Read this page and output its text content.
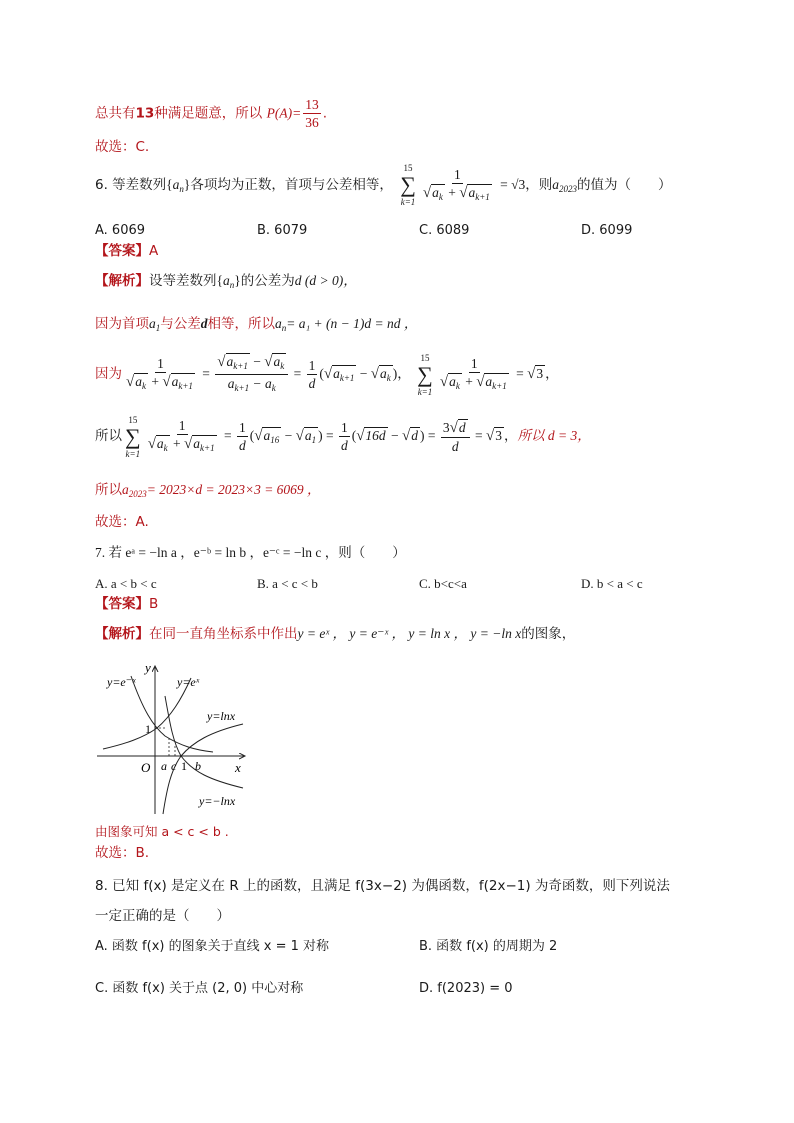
总共有13种满足题意，所以 $P(A)= \frac{13}{36}$ .
故选：C.
6. 等差数列$\{a_n\}$各项均为正数，首项与公差相等，
15
∑
$k=1 \frac{1}{√a_k + √a_{k+1}} = √3$，则$a_{2023}$的值为（　　）
A. 6069	B. 6079	C. 6089	D. 6099
【答案】A
【解析】设等差数列$\{a_n\}$的公差为d (d > 0)，
因为首项$a_1$与公差d相等，所以$a_n= a_1 + (n - 1)d$ = nd ，
因为 $\frac{1}{√a_k + √a_{k+1}} = \frac{√a_{k+1} - √a_k}{a_{k+1} - a_k} = \frac{1}{d} (√a_{k+1} - √a_k$ )，
15
∑
$k=1 \frac{1}{√a_k + √a_{k+1}} = √3$ ，
所以
15
∑
$k=1 \frac{1}{√a_k + √a_{k+1}} = \frac{1}{d} (√a_{16} - √a_1$ ) = $\frac{1}{d} (√16d - √d$ ) = $\frac{3√d}{d} = √3$ ，所以 d = 3，
所以$a_{2023}= 2023\times d = 2023\times 3 = 6069$ ，
故选：A.
7. 若 eᵃ = −ln a ，e⁻ᵇ = ln b ，e⁻ᶜ = −ln c ，则（　　）
A. a < b < c	B. a < c < b	C. b<c<a	D. b < a < c
【答案】B
【解析】在同一直角坐标系中作出y = eˣ ， y = e⁻ˣ ， y = ln x ， y = −ln x的图象，
y
x
O
1
a c 1 b
y=e⁻ˣ	y=eˣ
y=lnx
y=−lnx
由图象可知 a < c < b .
故选：B.
8. 已知 f(x) 是定义在 R 上的函数，且满足 f(3x−2) 为偶函数，f(2x−1) 为奇函数，则下列说法
一定正确的是（　　）
A. 函数 f(x) 的图象关于直线 x = 1 对称	B. 函数 f(x) 的周期为 2
C. 函数 f(x) 关于点 (2, 0) 中心对称	D. f(2023) = 0
